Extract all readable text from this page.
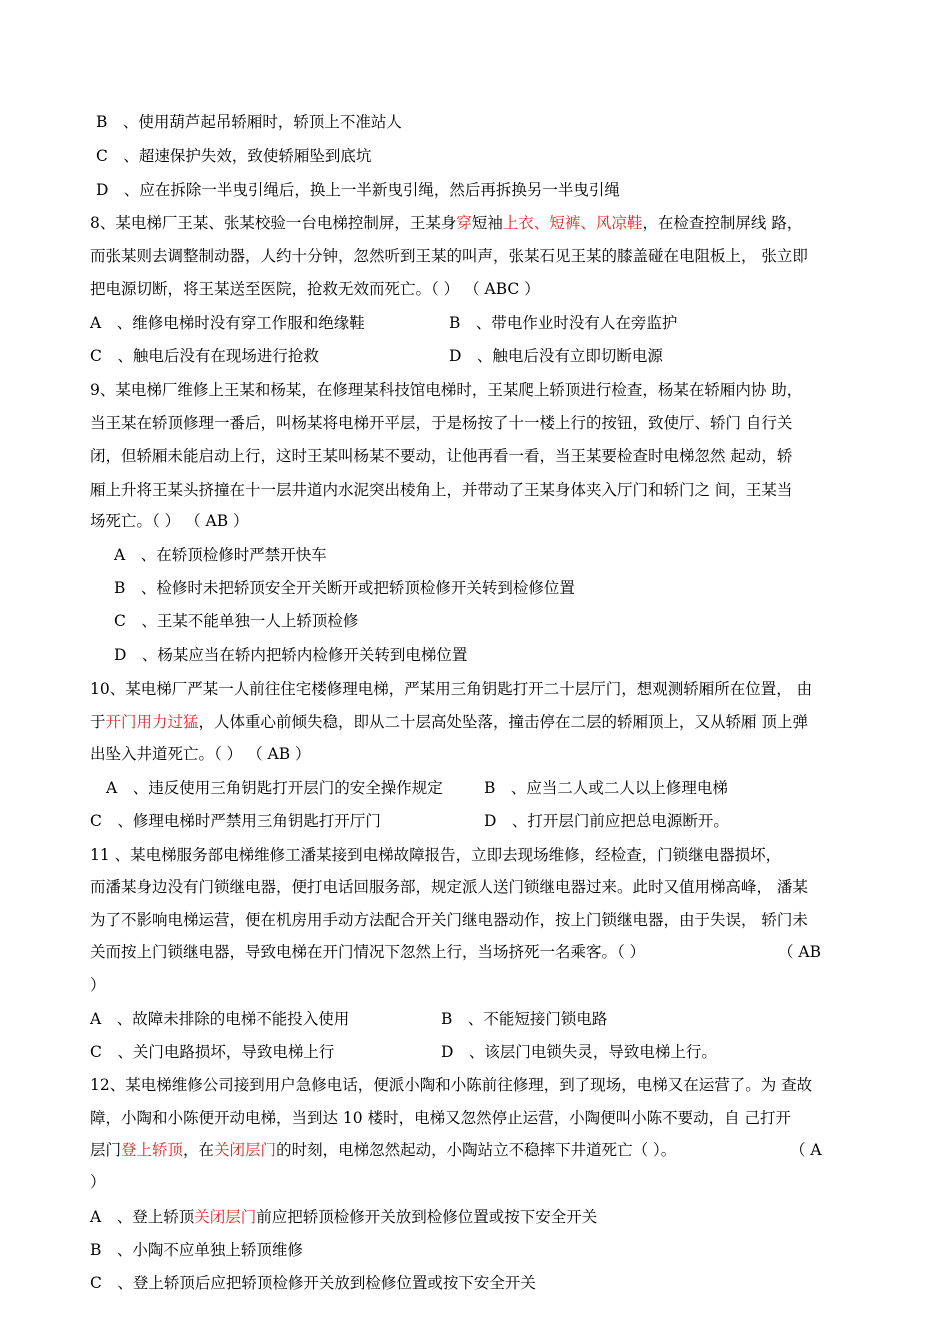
B　、使用葫芦起吊轿厢时，轿顶上不准站人
C　、超速保护失效，致使轿厢坠到底坑
D　、应在拆除一半曳引绳后，换上一半新曳引绳，然后再拆换另一半曳引绳
8、某电梯厂王某、张某校验一台电梯控制屏，王某身穿短袖上衣、短裤、风凉鞋，在检查控制屏线 路，
而张某则去调整制动器，人约十分钟，忽然听到王某的叫声，张某石见王某的膝盖碰在电阻板上， 张立即
把电源切断，将王某送至医院，抢救无效而死亡。（ ） （ ABC ）
A　、维修电梯时没有穿工作服和绝缘鞋	B　、带电作业时没有人在旁监护
C　、触电后没有在现场进行抢救	D　、触电后没有立即切断电源
9、某电梯厂维修上王某和杨某，在修理某科技馆电梯时，王某爬上轿顶进行检查，杨某在轿厢内协 助，
当王某在轿顶修理一番后，叫杨某将电梯开平层，于是杨按了十一楼上行的按钮，致使厅、轿门 自行关
闭，但轿厢未能启动上行，这时王某叫杨某不要动，让他再看一看，当王某要检查时电梯忽然 起动，轿
厢上升将王某头挤撞在十一层井道内水泥突出棱角上，并带动了王某身体夹入厅门和轿门之 间，王某当
场死亡。（ ） （ AB ）
A　、在轿顶检修时严禁开快车
B　、检修时未把轿顶安全开关断开或把轿顶检修开关转到检修位置
C　、王某不能单独一人上轿顶检修
D　、杨某应当在轿内把轿内检修开关转到电梯位置
10、某电梯厂严某一人前往住宅楼修理电梯，严某用三角钥匙打开二十层厅门，想观测轿厢所在位置， 由
于开门用力过猛，人体重心前倾失稳，即从二十层高处坠落，撞击停在二层的轿厢顶上，又从轿厢 顶上弹
出坠入井道死亡。（ ） （ AB ）
A　、违反使用三角钥匙打开层门的安全操作规定	B　、应当二人或二人以上修理电梯
C　、修理电梯时严禁用三角钥匙打开厅门	D　、打开层门前应把总电源断开。
11 、某电梯服务部电梯维修工潘某接到电梯故障报告，立即去现场维修，经检查，门锁继电器损坏，
而潘某身边没有门锁继电器，便打电话回服务部，规定派人送门锁继电器过来。此时又值用梯高峰， 潘某
为了不影响电梯运营，便在机房用手动方法配合开关门继电器动作，按上门锁继电器，由于失误， 轿门未
关而按上门锁继电器，导致电梯在开门情况下忽然上行，当场挤死一名乘客。（ ）	（ AB
）
A　、故障未排除的电梯不能投入使用	B　、不能短接门锁电路
C　、关门电路损坏，导致电梯上行	D　、该层门电锁失灵，导致电梯上行。
12、某电梯维修公司接到用户急修电话，便派小陶和小陈前往修理，到了现场，电梯又在运营了。为 查故
障，小陶和小陈便开动电梯，当到达 10 楼时，电梯又忽然停止运营，小陶便叫小陈不要动，自 己打开
层门登上轿顶，在关闭层门的时刻，电梯忽然起动，小陶站立不稳摔下井道死亡（ ）。	（ A
）
A　、登上轿顶关闭层门前应把轿顶检修开关放到检修位置或按下安全开关
B　、小陶不应单独上轿顶维修
C　、登上轿顶后应把轿顶检修开关放到检修位置或按下安全开关
